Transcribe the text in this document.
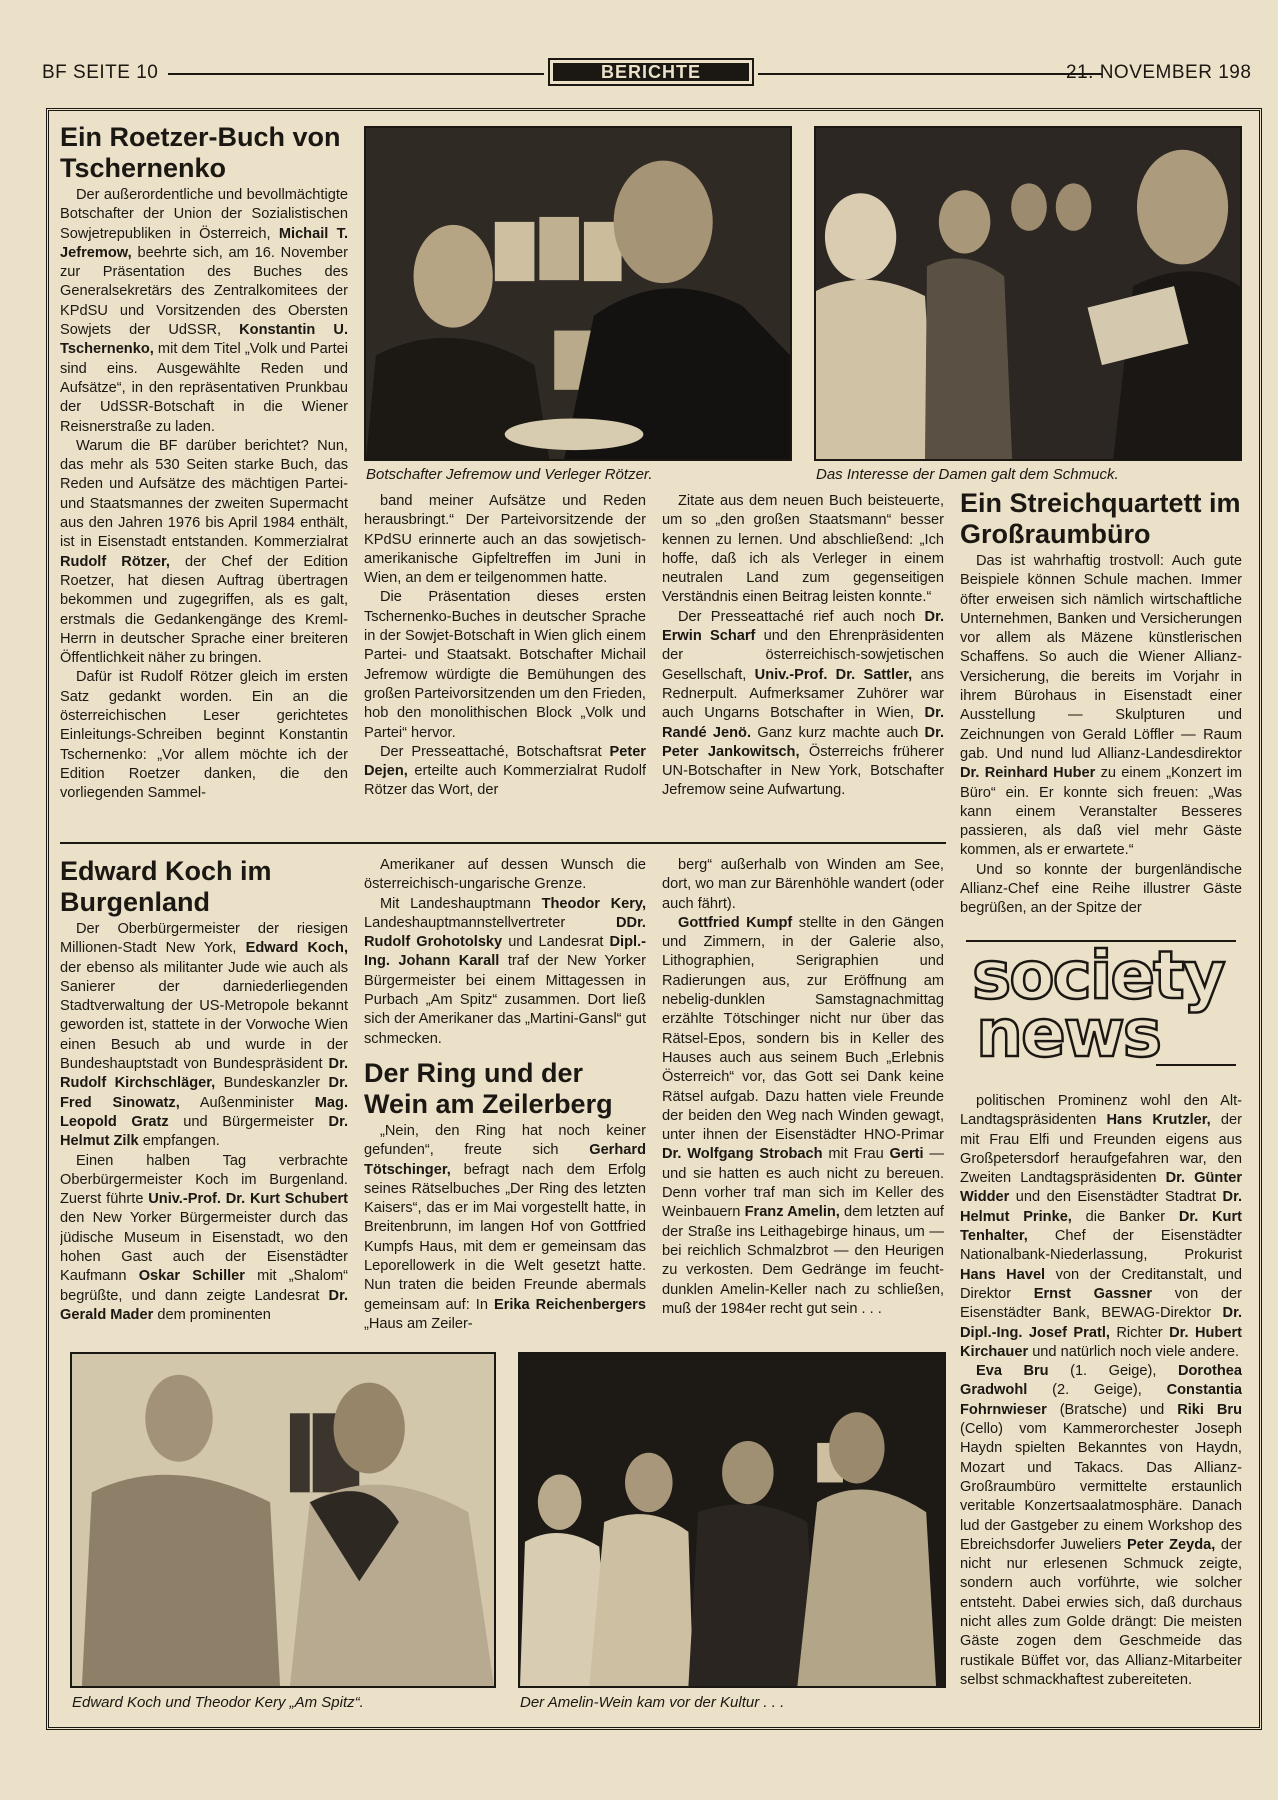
BF SEITE 10	BERICHTE	21. NOVEMBER 198
Ein Roetzer-Buch von Tschernenko

Der außerordentliche und bevollmächtigte Botschafter der Union der Sozialistischen Sowjetrepubliken in Österreich, Michail T. Jefremow, beehrte sich, am 16. November zur Präsentation des Buches des Generalsekretärs des Zentralkomitees der KPdSU und Vorsitzenden des Obersten Sowjets der UdSSR, Konstantin U. Tschernenko, mit dem Titel „Volk und Partei sind eins. Ausgewählte Reden und Aufsätze“, in den repräsentativen Prunkbau der UdSSR-Botschaft in die Wiener Reisnerstraße zu laden.

Warum die BF darüber berichtet? Nun, das mehr als 530 Seiten starke Buch, das Reden und Aufsätze des mächtigen Partei- und Staatsmannes der zweiten Supermacht aus den Jahren 1976 bis April 1984 enthält, ist in Eisenstadt entstanden. Kommerzialrat Rudolf Rötzer, der Chef der Edition Roetzer, hat diesen Auftrag übertragen bekommen und zugegriffen, als es galt, erstmals die Gedankengänge des Kreml-Herrn in deutscher Sprache einer breiteren Öffentlichkeit näher zu bringen.

Dafür ist Rudolf Rötzer gleich im ersten Satz gedankt worden. Ein an die österreichischen Leser gerichtetes Einleitungs-Schreiben beginnt Konstantin Tschernenko: „Vor allem möchte ich der Edition Roetzer danken, die den vorliegenden Sammel-

Botschafter Jefremow und Verleger Rötzer.	Das Interesse der Damen galt dem Schmuck.

band meiner Aufsätze und Reden herausbringt.“ Der Parteivorsitzende der KPdSU erinnerte auch an das sowjetisch-amerikanische Gipfeltreffen im Juni in Wien, an dem er teilgenommen hatte.

Die Präsentation dieses ersten Tschernenko-Buches in deutscher Sprache in der Sowjet-Botschaft in Wien glich einem Partei- und Staatsakt. Botschafter Michail Jefremow würdigte die Bemühungen des großen Parteivorsitzenden um den Frieden, hob den monolithischen Block „Volk und Partei“ hervor.

Der Presseattaché, Botschaftsrat Peter Dejen, erteilte auch Kommerzialrat Rudolf Rötzer das Wort, der

Zitate aus dem neuen Buch beisteuerte, um so „den großen Staatsmann“ besser kennen zu lernen. Und abschließend: „Ich hoffe, daß ich als Verleger in einem neutralen Land zum gegenseitigen Verständnis einen Beitrag leisten konnte.“

Der Presseattaché rief auch noch Dr. Erwin Scharf und den Ehrenpräsidenten der österreichisch-sowjetischen Gesellschaft, Univ.-Prof. Dr. Sattler, ans Rednerpult. Aufmerksamer Zuhörer war auch Ungarns Botschafter in Wien, Dr. Randé Jenö. Ganz kurz machte auch Dr. Peter Jankowitsch, Österreichs früherer UN-Botschafter in New York, Botschafter Jefremow seine Aufwartung.

Ein Streichquartett im Großraumbüro

Das ist wahrhaftig trostvoll: Auch gute Beispiele können Schule machen. Immer öfter erweisen sich nämlich wirtschaftliche Unternehmen, Banken und Versicherungen vor allem als Mäzene künstlerischen Schaffens. So auch die Wiener Allianz-Versicherung, die bereits im Vorjahr in ihrem Bürohaus in Eisenstadt einer Ausstellung — Skulpturen und Zeichnungen von Gerald Löffler — Raum gab. Und nund lud Allianz-Landesdirektor Dr. Reinhard Huber zu einem „Konzert im Büro“ ein. Er konnte sich freuen: „Was kann einem Veranstalter Besseres passieren, als daß viel mehr Gäste kommen, als er erwartete.“

Und so konnte der burgenländische Allianz-Chef eine Reihe illustrer Gäste begrüßen, an der Spitze der

society
news

politischen Prominenz wohl den Alt-Landtagspräsidenten Hans Krutzler, der mit Frau Elfi und Freunden eigens aus Großpetersdorf heraufgefahren war, den Zweiten Landtagspräsidenten Dr. Günter Widder und den Eisenstädter Stadtrat Dr. Helmut Prinke, die Banker Dr. Kurt Tenhalter, Chef der Eisenstädter Nationalbank-Niederlassung, Prokurist Hans Havel von der Creditanstalt, und Direktor Ernst Gassner von der Eisenstädter Bank, BEWAG-Direktor Dr. Dipl.-Ing. Josef Pratl, Richter Dr. Hubert Kirchauer und natürlich noch viele andere.

Eva Bru (1. Geige), Dorothea Gradwohl (2. Geige), Constantia Fohrnwieser (Bratsche) und Riki Bru (Cello) vom Kammerorchester Joseph Haydn spielten Bekanntes von Haydn, Mozart und Takacs. Das Allianz-Großraumbüro vermittelte erstaunlich veritable Konzertsaalatmosphäre. Danach lud der Gastgeber zu einem Workshop des Ebreichsdorfer Juweliers Peter Zeyda, der nicht nur erlesenen Schmuck zeigte, sondern auch vorführte, wie solcher entsteht. Dabei erwies sich, daß durchaus nicht alles zum Golde drängt: Die meisten Gäste zogen dem Geschmeide das rustikale Büffet vor, das Allianz-Mitarbeiter selbst schmackhaftest zubereiteten.

Edward Koch im Burgenland

Der Oberbürgermeister der riesigen Millionen-Stadt New York, Edward Koch, der ebenso als militanter Jude wie auch als Sanierer der darniederliegenden Stadtverwaltung der US-Metropole bekannt geworden ist, stattete in der Vorwoche Wien einen Besuch ab und wurde in der Bundeshauptstadt von Bundespräsident Dr. Rudolf Kirchschläger, Bundeskanzler Dr. Fred Sinowatz, Außenminister Mag. Leopold Gratz und Bürgermeister Dr. Helmut Zilk empfangen.

Einen halben Tag verbrachte Oberbürgermeister Koch im Burgenland. Zuerst führte Univ.-Prof. Dr. Kurt Schubert den New Yorker Bürgermeister durch das jüdische Museum in Eisenstadt, wo den hohen Gast auch der Eisenstädter Kaufmann Oskar Schiller mit „Shalom“ begrüßte, und dann zeigte Landesrat Dr. Gerald Mader dem prominenten

Amerikaner auf dessen Wunsch die österreichisch-ungarische Grenze.

Mit Landeshauptmann Theodor Kery, Landeshauptmannstellvertreter DDr. Rudolf Grohotolsky und Landesrat Dipl.-Ing. Johann Karall traf der New Yorker Bürgermeister bei einem Mittagessen in Purbach „Am Spitz“ zusammen. Dort ließ sich der Amerikaner das „Martini-Gansl“ gut schmecken.

Der Ring und der Wein am Zeilerberg

„Nein, den Ring hat noch keiner gefunden“, freute sich Gerhard Tötschinger, befragt nach dem Erfolg seines Rätselbuches „Der Ring des letzten Kaisers“, das er im Mai vorgestellt hatte, in Breitenbrunn, im langen Hof von Gottfried Kumpfs Haus, mit dem er gemeinsam das Leporellowerk in die Welt gesetzt hatte. Nun traten die beiden Freunde abermals gemeinsam auf: In Erika Reichenbergers „Haus am Zeiler-

berg“ außerhalb von Winden am See, dort, wo man zur Bärenhöhle wandert (oder auch fährt).

Gottfried Kumpf stellte in den Gängen und Zimmern, in der Galerie also, Lithographien, Serigraphien und Radierungen aus, zur Eröffnung am nebelig-dunklen Samstagnachmittag erzählte Tötschinger nicht nur über das Rätsel-Epos, sondern bis in Keller des Hauses auch aus seinem Buch „Erlebnis Österreich“ vor, das Gott sei Dank keine Rätsel aufgab. Dazu hatten viele Freunde der beiden den Weg nach Winden gewagt, unter ihnen der Eisenstädter HNO-Primar Dr. Wolfgang Strobach mit Frau Gerti — und sie hatten es auch nicht zu bereuen. Denn vorher traf man sich im Keller des Weinbauern Franz Amelin, dem letzten auf der Straße ins Leithagebirge hinaus, um — bei reichlich Schmalzbrot — den Heurigen zu verkosten. Dem Gedränge im feucht-dunklen Amelin-Keller nach zu schließen, muß der 1984er recht gut sein . . .

Edward Koch und Theodor Kery „Am Spitz“.	Der Amelin-Wein kam vor der Kultur . . .
